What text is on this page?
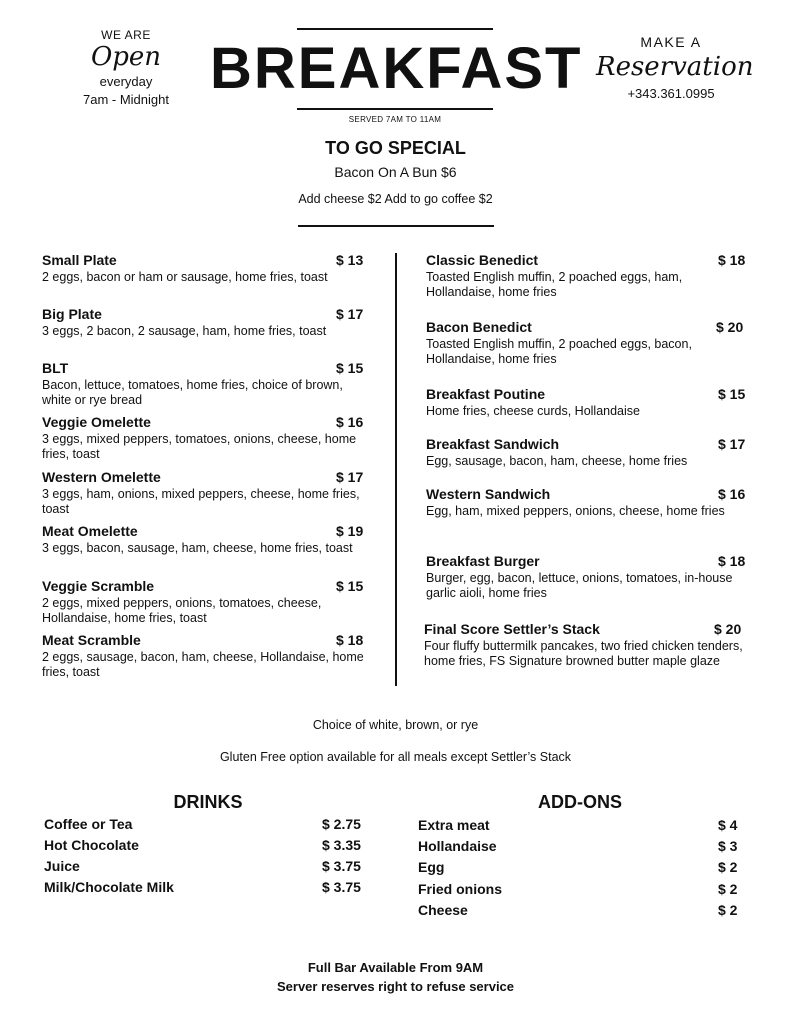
WE ARE
Open
everyday
7am - Midnight BREAKFAST
SERVED 7AM TO 11AM
MAKE A
Reservation
+343.361.0995
TO GO SPECIAL
Bacon On A Bun $6
Add cheese $2 Add to go coffee $2
Small Plate	$ 13
2 eggs, bacon or ham or sausage, home fries, toast
Big Plate	$ 17
3 eggs, 2 bacon, 2 sausage, ham, home fries, toast
BLT	$ 15
Bacon, lettuce, tomatoes, home fries, choice of brown, white or rye bread
Veggie Omelette	$ 16
3 eggs, mixed peppers, tomatoes, onions, cheese, home fries, toast
Western Omelette	$ 17
3 eggs, ham, onions, mixed peppers, cheese, home fries, toast
Meat Omelette	$ 19
3 eggs, bacon, sausage, ham, cheese, home fries, toast
Veggie Scramble	$ 15
2 eggs, mixed peppers, onions, tomatoes, cheese, Hollandaise, home fries, toast
Meat Scramble	$ 18
2 eggs, sausage, bacon, ham, cheese, Hollandaise, home fries, toast
Classic Benedict	$ 18
Toasted English muffin, 2 poached eggs, ham, Hollandaise, home fries
Bacon Benedict	$ 20
Toasted English muffin, 2 poached eggs, bacon, Hollandaise, home fries
Breakfast Poutine	$ 15
Home fries, cheese curds, Hollandaise
Breakfast Sandwich	$ 17
Egg, sausage, bacon, ham, cheese, home fries
Western Sandwich	$ 16
Egg, ham, mixed peppers, onions, cheese, home fries
Breakfast Burger	$ 18
Burger, egg, bacon, lettuce, onions, tomatoes, in-house garlic aioli, home fries
Final Score Settler’s Stack	$ 20
Four fluffy buttermilk pancakes, two fried chicken tenders, home fries, FS Signature browned butter maple glaze
Choice of white, brown, or rye
Gluten Free option available for all meals except Settler’s Stack
DRINKS
Coffee or Tea	$ 2.75
Hot Chocolate	$ 3.35
Juice	$ 3.75
Milk/Chocolate Milk	$ 3.75
ADD-ONS
Extra meat	$ 4
Hollandaise	$ 3
Egg	$ 2
Fried onions	$ 2
Cheese	$ 2
Full Bar Available From 9AM
Server reserves right to refuse service
